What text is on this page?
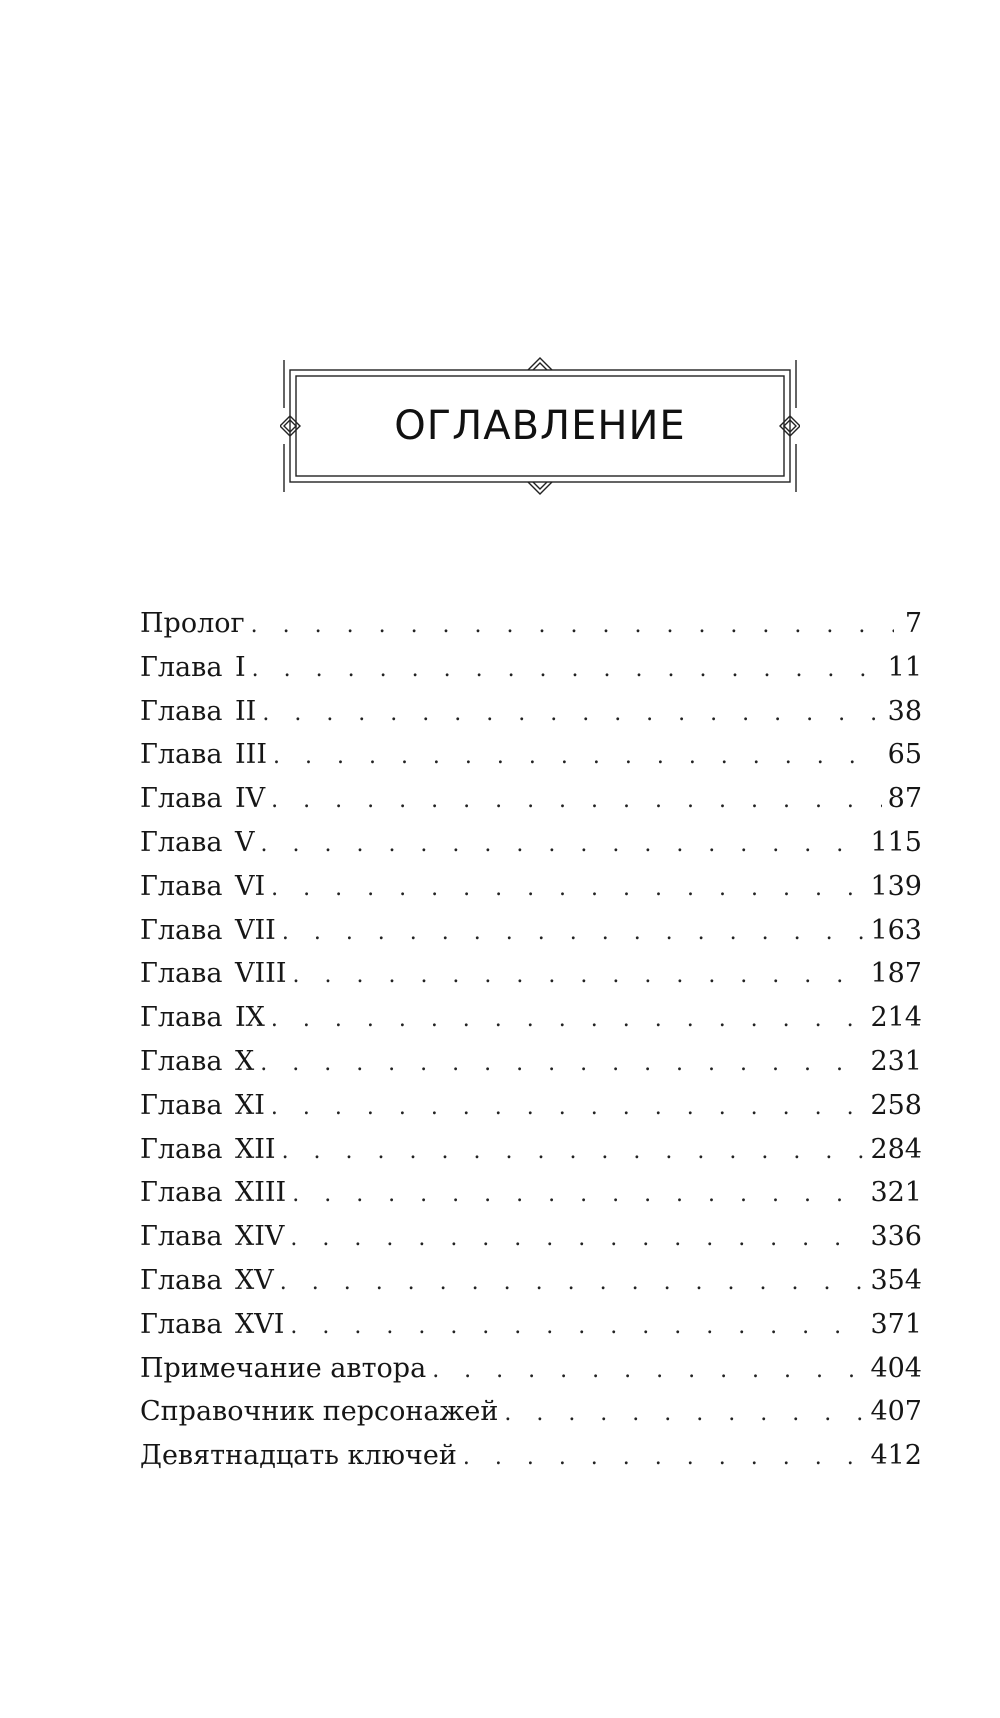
ОГЛАВЛЕНИЕ
Пролог . . .	7
Глава I . . .	11
Глава II . . .	38
Глава III . . .	65
Глава IV . . .	87
Глава V . . .	115
Глава VI . . .	139
Глава VII . . .	163
Глава VIII . . .	187
Глава IX . . .	214
Глава X . . .	231
Глава XI . . .	258
Глава XII . . .	284
Глава XIII . . .	321
Глава XIV . . .	336
Глава XV . . .	354
Глава XVI . . .	371
Примечание автора . . .	404
Справочник персонажей . . .	407
Девятнадцать ключей . . .	412
